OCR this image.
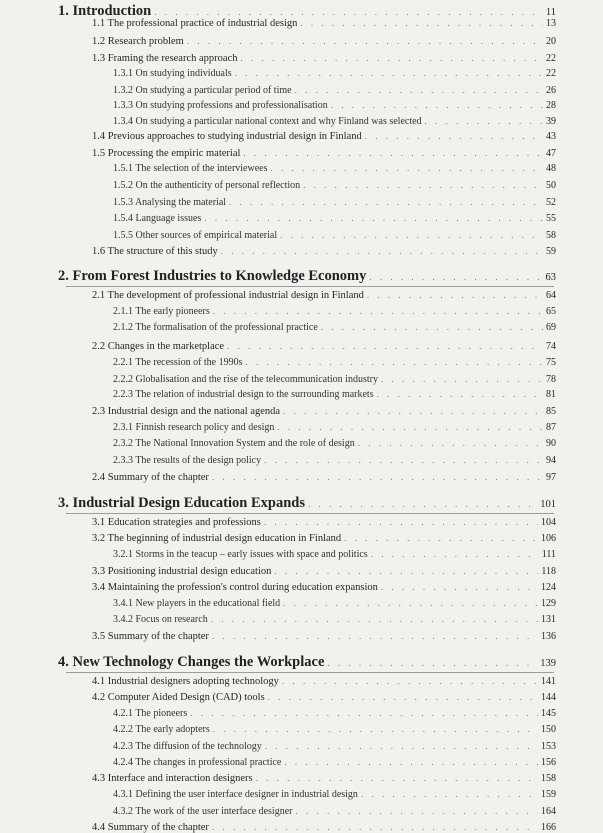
1. Introduction . . .	11
1.1 The professional practice of industrial design . . .	13
1.2 Research problem . . .	20
1.3 Framing the research approach . . .	22
1.3.1 On studying individuals . . .	22
1.3.2 On studying a particular period of time . . .	26
1.3.3 On studying professions and professionalisation . . .	28
1.3.4 On studying a particular national context and why Finland was selected . . .	39
1.4 Previous approaches to studying industrial design in Finland . . .	43
1.5 Processing the empiric material . . .	47
1.5.1 The selection of the interviewees . . .	48
1.5.2 On the authenticity of personal reflection . . .	50
1.5.3 Analysing the material . . .	52
1.5.4 Language issues . . .	55
1.5.5 Other sources of empirical material . . .	58
1.6 The structure of this study . . .	59
2. From Forest Industries to Knowledge Economy . . .	63
2.1 The development of professional industrial design in Finland . . .	64
2.1.1 The early pioneers . . .	65
2.1.2 The formalisation of the professional practice . . .	69
2.2 Changes in the marketplace . . .	74
2.2.1 The recession of the 1990s . . .	75
2.2.2 Globalisation and the rise of the telecommunication industry . . .	78
2.2.3 The relation of industrial design to the surrounding markets . . .	81
2.3 Industrial design and the national agenda . . .	85
2.3.1 Finnish research policy and design . . .	87
2.3.2 The National Innovation System and the role of design . . .	90
2.3.3 The results of the design policy . . .	94
2.4 Summary of the chapter . . .	97
3. Industrial Design Education Expands . . .	101
3.1 Education strategies and professions . . .	104
3.2 The beginning of industrial design education in Finland . . .	106
3.2.1 Storms in the teacup – early issues with space and politics . . .	111
3.3 Positioning industrial design education . . .	118
3.4 Maintaining the profession's control during education expansion . . .	124
3.4.1 New players in the educational field . . .	129
3.4.2 Focus on research . . .	131
3.5 Summary of the chapter . . .	136
4. New Technology Changes the Workplace . . .	139
4.1 Industrial designers adopting technology . . .	141
4.2 Computer Aided Design (CAD) tools . . .	144
4.2.1 The pioneers . . .	145
4.2.2 The early adopters . . .	150
4.2.3 The diffusion of the technology . . .	153
4.2.4 The changes in professional practice . . .	156
4.3 Interface and interaction designers . . .	158
4.3.1 Defining the user interface designer in industrial design . . .	159
4.3.2 The work of the user interface designer . . .	164
4.4 Summary of the chapter . . .	166
